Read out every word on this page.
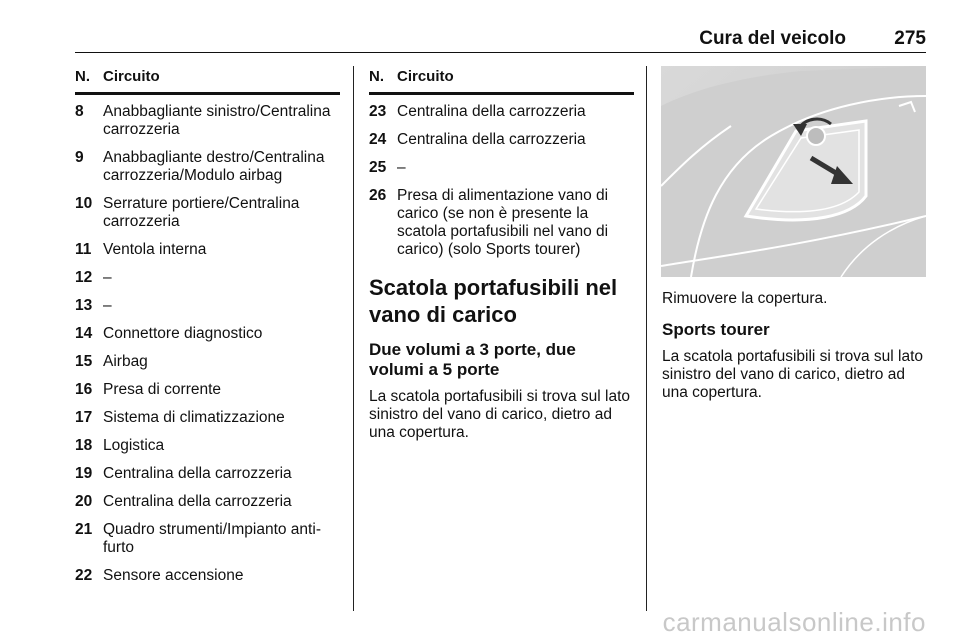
Cura del veicolo	275
N. Circuito
8 Anabbagliante sinistro/Centralina carrozzeria
9 Anabbagliante destro/Centralina carrozzeria/Modulo airbag
10 Serrature portiere/Centralina carrozzeria
11 Ventola interna
12 –
13 –
14 Connettore diagnostico
15 Airbag
16 Presa di corrente
17 Sistema di climatizzazione
18 Logistica
19 Centralina della carrozzeria
20 Centralina della carrozzeria
21 Quadro strumenti/Impianto antifurto
22 Sensore accensione
N. Circuito
23 Centralina della carrozzeria
24 Centralina della carrozzeria
25 –
26 Presa di alimentazione vano di carico (se non è presente la scatola portafusibili nel vano di carico) (solo Sports tourer)
Scatola portafusibili nel vano di carico
Due volumi a 3 porte, due volumi a 5 porte
La scatola portafusibili si trova sul lato sinistro del vano di carico, dietro ad una copertura.
Rimuovere la copertura.
Sports tourer
La scatola portafusibili si trova sul lato sinistro del vano di carico, dietro ad una copertura.
carmanualsonline.info
